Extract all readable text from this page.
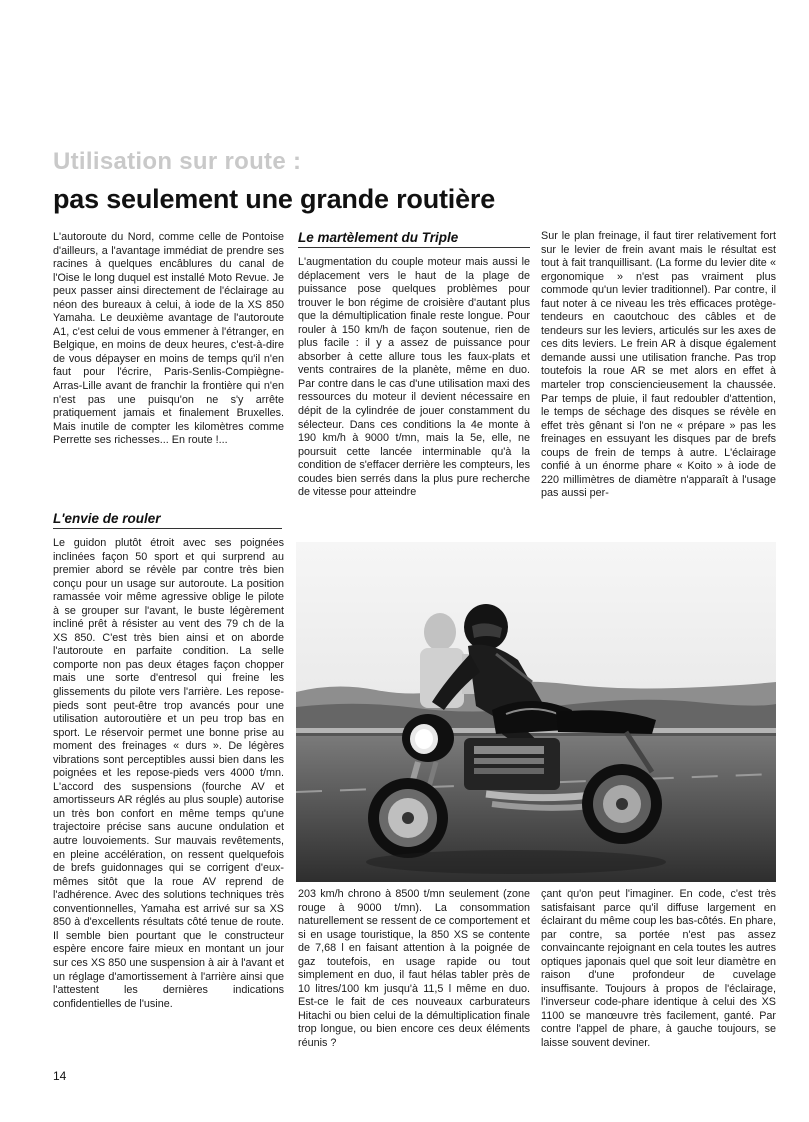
Utilisation sur route :
pas seulement une grande routière

L'autoroute du Nord, comme celle de Pontoise d'ailleurs, a l'avantage immédiat de prendre ses racines à quelques encâblures du canal de l'Oise le long duquel est installé Moto Revue. Je peux passer ainsi directement de l'éclairage au néon des bureaux à celui, à iode de la XS 850 Yamaha. Le deuxième avantage de l'autoroute A1, c'est celui de vous emmener à l'étranger, en Belgique, en moins de deux heures, c'est-à-dire de vous dépayser en moins de temps qu'il n'en faut pour l'écrire, Paris-Senlis-Compiègne-Arras-Lille avant de franchir la frontière qui n'en n'est pas une puisqu'on ne s'y arrête pratiquement jamais et finalement Bruxelles. Mais inutile de compter les kilomètres comme Perrette ses richesses... En route !...

L'envie de rouler

Le guidon plutôt étroit avec ses poignées inclinées façon 50 sport et qui surprend au premier abord se révèle par contre très bien conçu pour un usage sur autoroute. La position ramassée voir même agressive oblige le pilote à se grouper sur l'avant, le buste légèrement incliné prêt à résister au vent des 79 ch de la XS 850. C'est très bien ainsi et on aborde l'autoroute en parfaite condition. La selle comporte non pas deux étages façon chopper mais une sorte d'entresol qui freine les glissements du pilote vers l'arrière. Les repose-pieds sont peut-être trop avancés pour une utilisation autoroutière et un peu trop bas en sport. Le réservoir permet une bonne prise au moment des freinages « durs ». De légères vibrations sont perceptibles aussi bien dans les poignées et les repose-pieds vers 4000 t/mn. L'accord des suspensions (fourche AV et amortisseurs AR réglés au plus souple) autorise un très bon confort en même temps qu'une trajectoire précise sans aucune ondulation et autre louvoiements. Sur mauvais revêtements, en pleine accélération, on ressent quelquefois de brefs guidonnages qui se corrigent d'eux-mêmes sitôt que la roue AV reprend de l'adhérence. Avec des solutions techniques très conventionnelles, Yamaha est arrivé sur sa XS 850 à d'excellents résultats côté tenue de route. Il semble bien pourtant que le constructeur espère encore faire mieux en montant un jour sur ces XS 850 une suspension à air à l'avant et un réglage d'amortissement à l'arrière ainsi que l'attestent les dernières indications confidentielles de l'usine.

Le martèlement du Triple

L'augmentation du couple moteur mais aussi le déplacement vers le haut de la plage de puissance pose quelques problèmes pour trouver le bon régime de croisière d'autant plus que la démultiplication finale reste longue. Pour rouler à 150 km/h de façon soutenue, rien de plus facile : il y a assez de puissance pour absorber à cette allure tous les faux-plats et vents contraires de la planète, même en duo. Par contre dans le cas d'une utilisation maxi des ressources du moteur il devient nécessaire en dépit de la cylindrée de jouer constamment du sélecteur. Dans ces conditions la 4e monte à 190 km/h à 9000 t/mn, mais la 5e, elle, ne poursuit cette lancée interminable qu'à la condition de s'effacer derrière les compteurs, les coudes bien serrés dans la plus pure recherche de vitesse pour atteindre

203 km/h chrono à 8500 t/mn seulement (zone rouge à 9000 t/mn). La consommation naturellement se ressent de ce comportement et si en usage touristique, la 850 XS se contente de 7,68 l en faisant attention à la poignée de gaz toutefois, en usage rapide ou tout simplement en duo, il faut hélas tabler près de 10 litres/100 km jusqu'à 11,5 l même en duo. Est-ce le fait de ces nouveaux carburateurs Hitachi ou bien celui de la démultiplication finale trop longue, ou bien encore ces deux éléments réunis ?

Sur le plan freinage, il faut tirer relativement fort sur le levier de frein avant mais le résultat est tout à fait tranquillisant. (La forme du levier dite « ergonomique » n'est pas vraiment plus commode qu'un levier traditionnel). Par contre, il faut noter à ce niveau les très efficaces protège-tendeurs en caoutchouc des câbles et de tendeurs sur les leviers, articulés sur les axes de ces dits leviers. Le frein AR à disque également demande aussi une utilisation franche. Pas trop toutefois la roue AR se met alors en effet à marteler trop consciencieusement la chaussée. Par temps de pluie, il faut redoubler d'attention, le temps de séchage des disques se révèle en effet très gênant si l'on ne « prépare » pas les freinages en essuyant les disques par de brefs coups de frein de temps à autre. L'éclairage confié à un énorme phare « Koito » à iode de 220 millimètres de diamètre n'apparaît à l'usage pas aussi per-

çant qu'on peut l'imaginer. En code, c'est très satisfaisant parce qu'il diffuse largement en éclairant du même coup les bas-côtés. En phare, par contre, sa portée n'est pas assez convaincante rejoignant en cela toutes les autres optiques japonais quel que soit leur diamètre en raison d'une profondeur de cuvelage insuffisante. Toujours à propos de l'éclairage, l'inverseur code-phare identique à celui des XS 1100 se manœuvre très facilement, ganté. Par contre l'appel de phare, à gauche toujours, se laisse souvent deviner.

14
